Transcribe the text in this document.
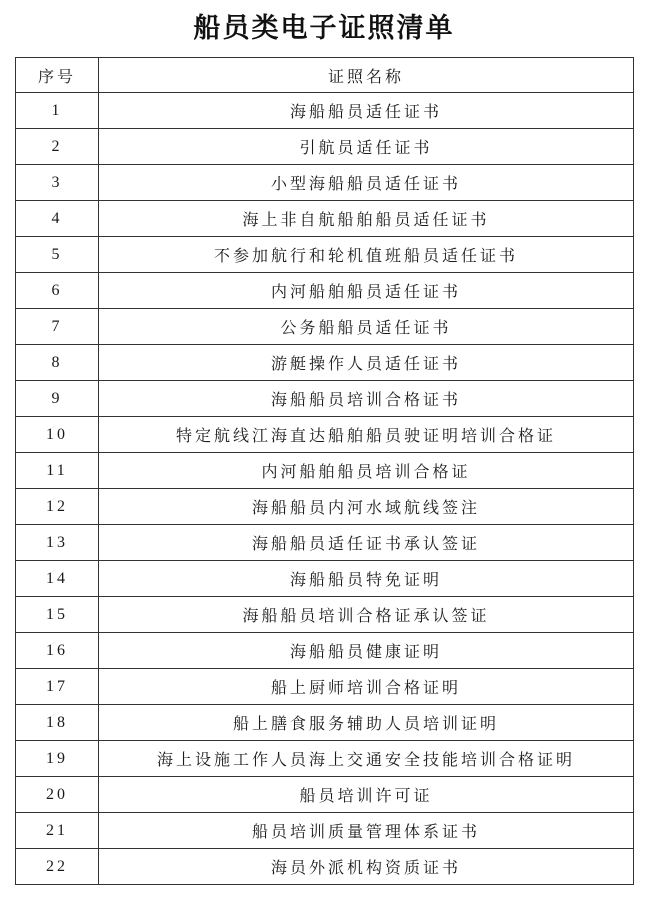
船员类电子证照清单
序号	证照名称
1	海船船员适任证书
2	引航员适任证书
3	小型海船船员适任证书
4	海上非自航船舶船员适任证书
5	不参加航行和轮机值班船员适任证书
6	内河船舶船员适任证书
7	公务船船员适任证书
8	游艇操作人员适任证书
9	海船船员培训合格证书
10	特定航线江海直达船舶船员驶证明培训合格证
11	内河船舶船员培训合格证
12	海船船员内河水域航线签注
13	海船船员适任证书承认签证
14	海船船员特免证明
15	海船船员培训合格证承认签证
16	海船船员健康证明
17	船上厨师培训合格证明
18	船上膳食服务辅助人员培训证明
19	海上设施工作人员海上交通安全技能培训合格证明
20	船员培训许可证
21	船员培训质量管理体系证书
22	海员外派机构资质证书
